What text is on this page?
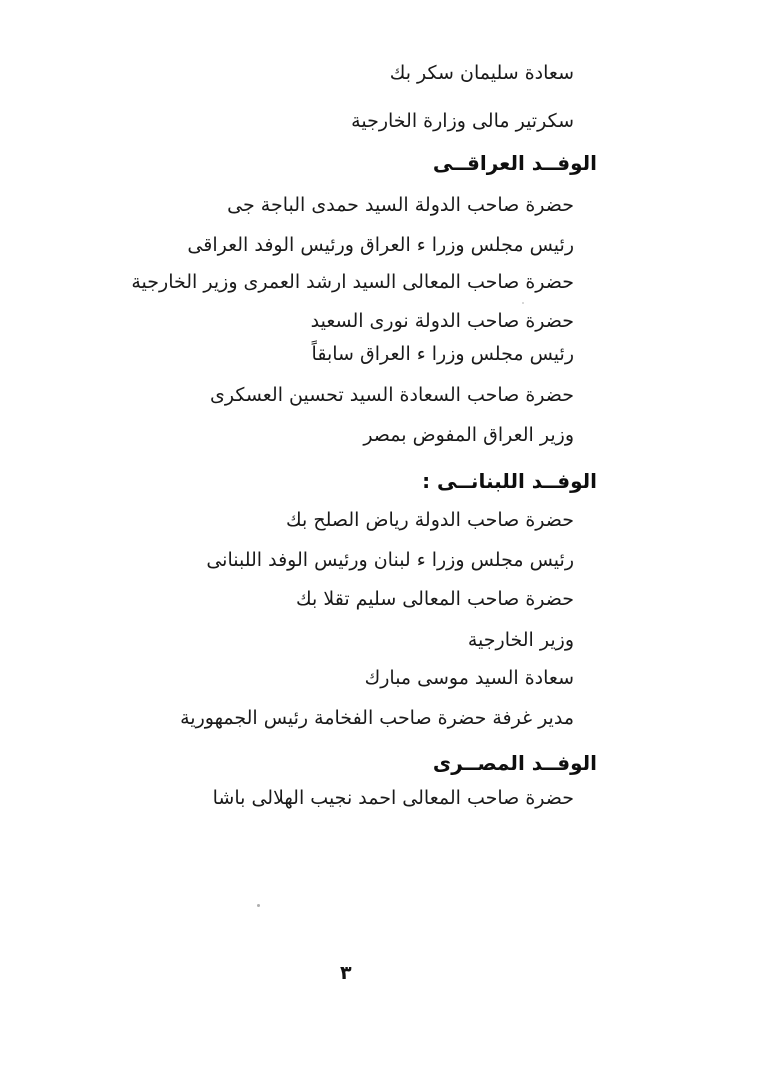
سعادة سليمان سكر بك
سكرتير مالى وزارة الخارجية
الوفــد العراقــى
حضرة صاحب الدولة السيد حمدى الباجة جى
رئيس مجلس وزرا ء العراق ورئيس الوفد العراقى
حضرة صاحب المعالى السيد ارشد العمرى وزير الخارجية
حضرة صاحب الدولة نورى السعيد
رئيس مجلس وزرا ء العراق سابقاً
حضرة صاحب السعادة السيد تحسين العسكرى
وزير العراق المفوض بمصر
الوفــد اللبنانــى :
حضرة صاحب الدولة رياض الصلح بك
رئيس مجلس وزرا ء لبنان ورئيس الوفد اللبنانى
حضرة صاحب المعالى سليم تقلا بك
وزير الخارجية
سعادة السيد موسى مبارك
مدير غرفة حضرة صاحب الفخامة رئيس الجمهورية
الوفــد المصــرى
حضرة صاحب المعالى احمد نجيب الهلالى باشا
٣
